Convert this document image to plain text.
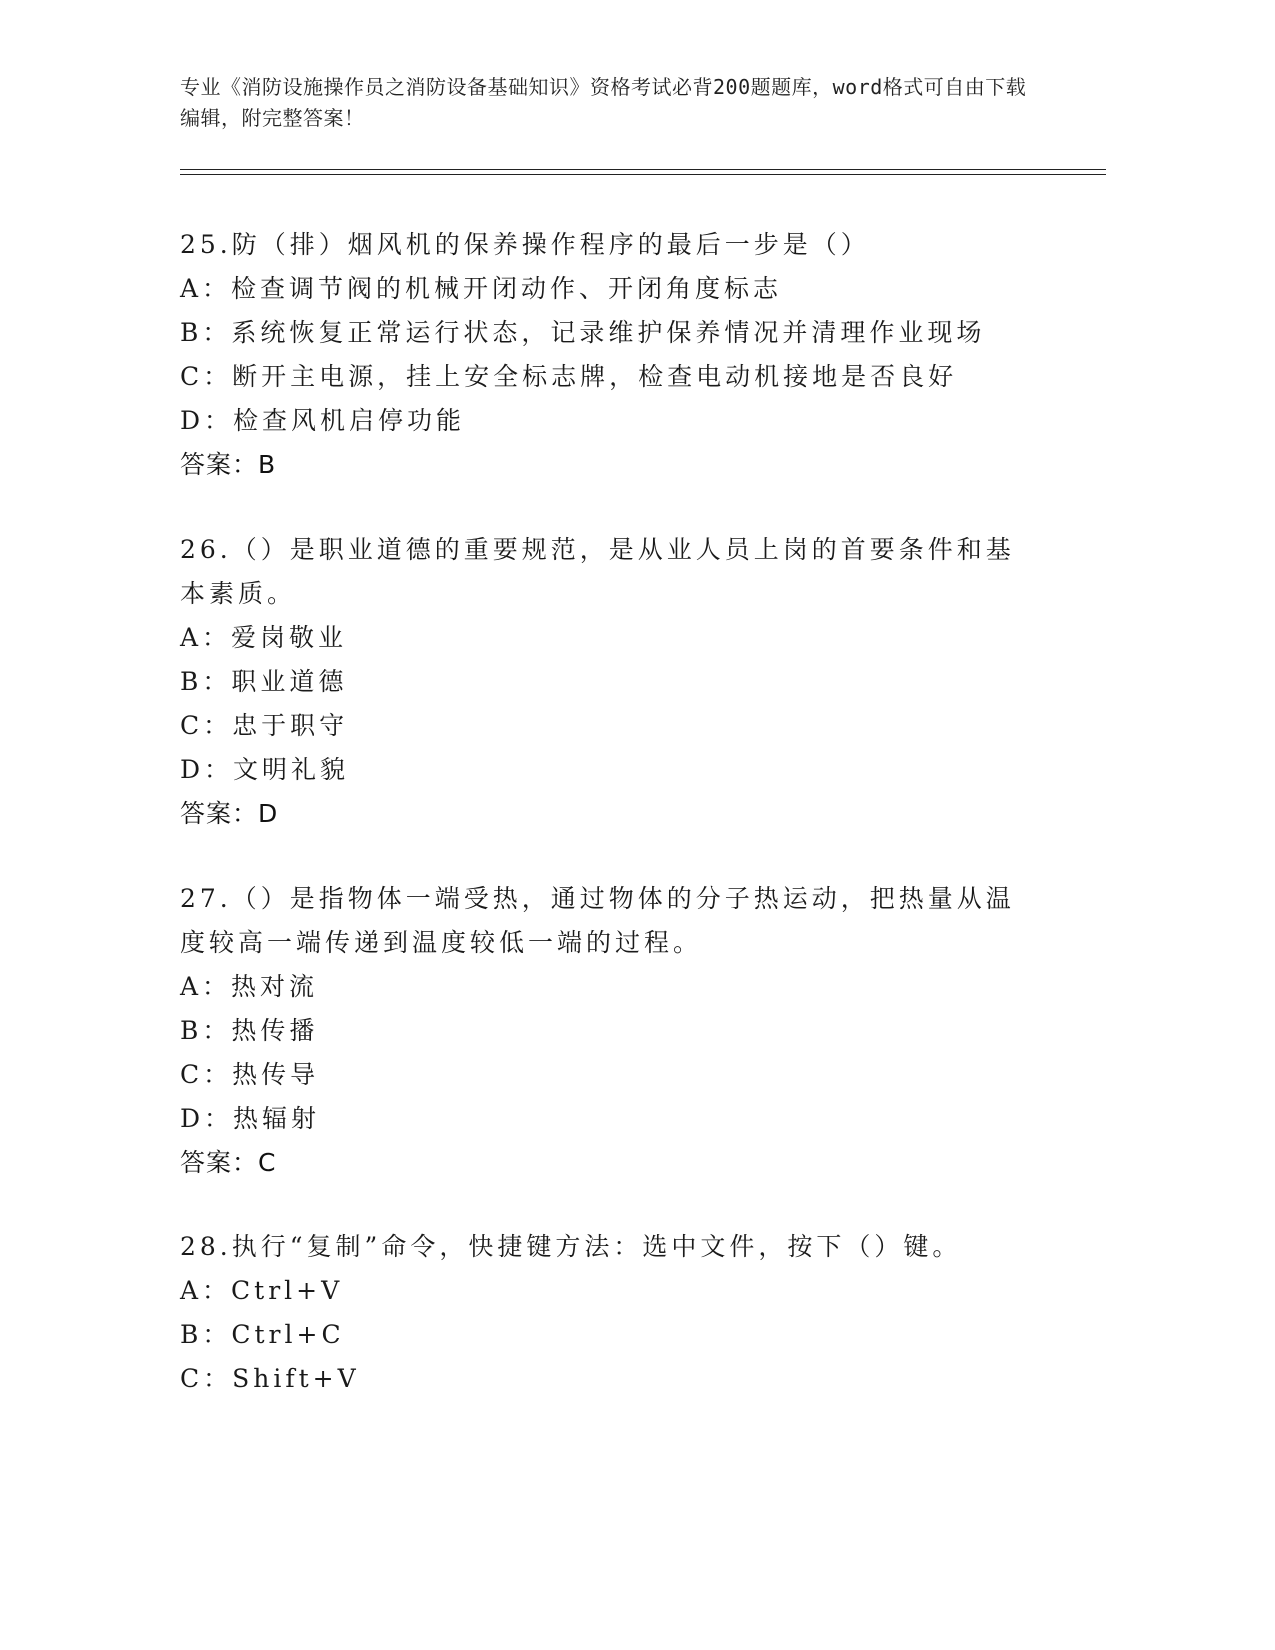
专业《消防设施操作员之消防设备基础知识》资格考试必背200题题库，word格式可自由下载编辑，附完整答案！

25.防（排）烟风机的保养操作程序的最后一步是（）

A：检查调节阀的机械开闭动作、开闭角度标志

B：系统恢复正常运行状态，记录维护保养情况并清理作业现场

C：断开主电源，挂上安全标志牌，检查电动机接地是否良好

D：检查风机启停功能

答案：B

26.（）是职业道德的重要规范，是从业人员上岗的首要条件和基本素质。

A：爱岗敬业

B：职业道德

C：忠于职守

D：文明礼貌

答案：D

27.（）是指物体一端受热，通过物体的分子热运动，把热量从温度较高一端传递到温度较低一端的过程。

A：热对流

B：热传播

C：热传导

D：热辐射

答案：C

28.执行“复制”命令，快捷键方法：选中文件，按下（）键。

A：Ctrl+V

B：Ctrl+C

C：Shift+V
